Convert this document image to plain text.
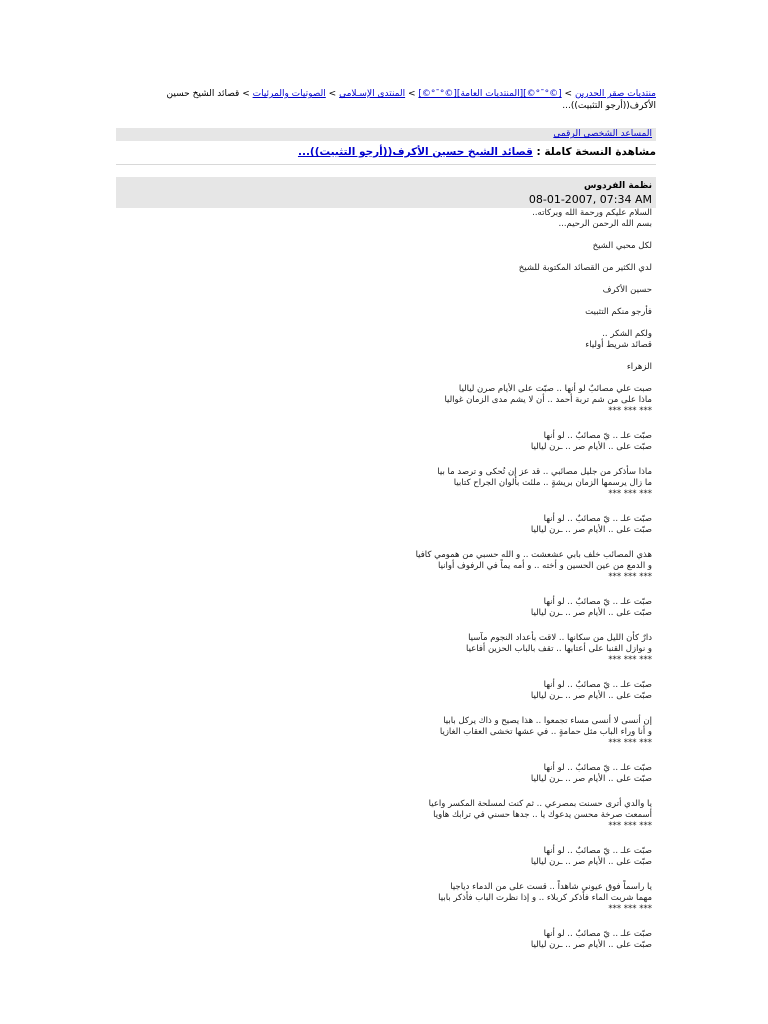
منتديات صقر الحدرين > [©°¯°©][المنتديات العامة][©°¯°©] > المنتدى الإسـلامي > الصوتيات والمرئيات > قصائد الشيخ حسين الأكرف((أرجو التثبيت))...
المساعد الشخصي الرقمي
مشاهدة النسخة كاملة : قصائد الشيخ حسين الأكرف((أرجو التثبيت))...
نظمة الفردوس
08-01-2007, 07:34 AM
السلام عليكم ورحمة الله وبركاته..
بسم الله الرحمن الرحيم...
لكل محبي الشيخ
لدي الكثير من القصائد المكتوبة للشيخ
حسين الأكرف
فأرجو منكم التثبيت
ولكم الشكر ..
قصائد شريط أولياء
الزهراء
صبت علي مصائبٌ لو أنها .. صبّت على الأيام صرن لياليا
ماذا على من شم تربة أحمد .. أن لا يشم مدى الزمان غواليا
*** *** ***
صبّت علـ .. يّ مصائبٌ .. لو أنها
صبّت على .. الأيام صر .. ـرن لياليا
ماذا سأذكر من جليل مصائبي .. قد عز إن تُحكى و ترصد ما بيا
ما زال يرسمها الزمان بريشةٍ .. ملئت بألوان الجراح كتابيا
*** *** ***
صبّت علـ .. يّ مصائبٌ .. لو أنها
صبّت على .. الأيام صر .. ـرن لياليا
هذي المصائب خلف بابي عشعشت .. و الله حسبي من همومي كافيا
و الدمع من عين الحسين و أخته .. و أمه يماً في الرفوف أوانيا
*** *** ***
صبّت علـ .. يّ مصائبٌ .. لو أنها
صبّت على .. الأيام صر .. ـرن لياليا
دارٌ كأن الليل من سكانها .. لاقت بأعداد النجوم مآسيا
و نوازل القنبا على أعتابها .. تقف بالباب الحزين أفاعيا
*** *** ***
صبّت علـ .. يّ مصائبٌ .. لو أنها
صبّت على .. الأيام صر .. ـرن لياليا
إن أنسى لا أنسى مساء تجمعوا .. هذا يصيح و ذاك يركل بابيا
و أنا وراء الباب مثل حمامةٍ .. في عشها تخشى العقاب الغازيا
*** *** ***
صبّت علـ .. يّ مصائبٌ .. لو أنها
صبّت على .. الأيام صر .. ـرن لياليا
يا والدي أترى حسنت بمصرعي .. ثم كنت لمسلحة المكسر واعيا
أسمعت صرخة محسن يدعوك يا .. جدها حسني في ترابك هاويا
*** *** ***
صبّت علـ .. يّ مصائبٌ .. لو أنها
صبّت على .. الأيام صر .. ـرن لياليا
يا راسماً فوق عيوني شاهداً .. قست على من الدماء دياجيا
مهما شربت الماء فأذكر كربلاء .. و إذا نظرت الباب فأذكر بابيا
*** *** ***
صبّت علـ .. يّ مصائبٌ .. لو أنها
صبّت على .. الأيام صر .. ـرن لياليا
